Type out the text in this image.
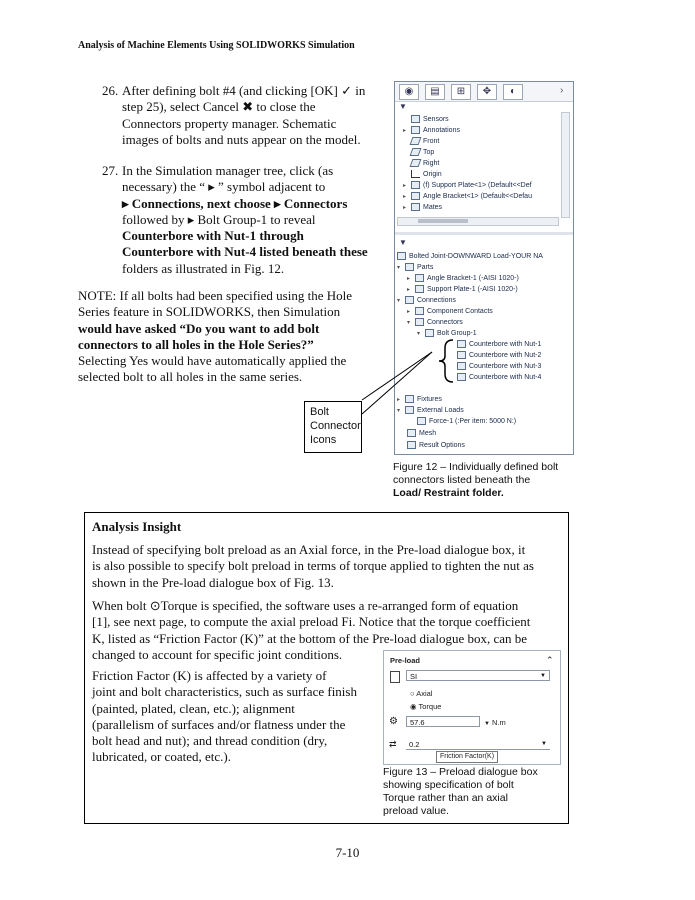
Analysis of Machine Elements Using SOLIDWORKS Simulation
26. After defining bolt #4 (and clicking [OK] ✓ in
step 25), select Cancel ✖ to close the
Connectors property manager. Schematic
images of bolts and nuts appear on the model.
27. In the Simulation manager tree, click (as
necessary) the “ ▸ ” symbol adjacent to
▸ Connections, next choose ▸ Connectors
followed by ▸ Bolt Group-1 to reveal
Counterbore with Nut-1 through
Counterbore with Nut-4 listed beneath these
folders as illustrated in Fig. 12.
NOTE: If all bolts had been specified using the Hole
Series feature in SOLIDWORKS, then Simulation
would have asked “Do you want to add bolt
connectors to all holes in the Hole Series?”
Selecting Yes would have automatically applied the
selected bolt to all holes in the same series.
◉	▤	⊞	✥	◐	›
▼
Sensors
▸ Annotations
Front
Top
Right
Origin
▸ (f) Support Plate<1> (Default<<Def
▸ Angle Bracket<1> (Default<<Defau
▸ Mates
▼
Bolted Joint-DOWNWARD Load-YOUR NA
▾ Parts
▸ Angle Bracket-1 (-AISI 1020-)
▸ Support Plate-1 (-AISI 1020-)
▾ Connections
▸ Component Contacts
▾ Connectors
▾ Bolt Group-1
Counterbore with Nut-1
Counterbore with Nut-2
Counterbore with Nut-3
Counterbore with Nut-4
▸ Fixtures
▾ External Loads
Force-1 (:Per item: 5000 N:)
Mesh
Result Options
Bolt
Connector
Icons
Figure 12 – Individually defined bolt
connectors listed beneath the
Load/ Restraint folder.
Analysis Insight
Instead of specifying bolt preload as an Axial force, in the Pre-load dialogue box, it
is also possible to specify bolt preload in terms of torque applied to tighten the nut as
shown in the Pre-load dialogue box of Fig. 13.
When bolt ⊙Torque is specified, the software uses a re-arranged form of equation
[1], see next page, to compute the axial preload Fi. Notice that the torque coefficient
K, listed as “Friction Factor (K)” at the bottom of the Pre-load dialogue box, can be
changed to account for specific joint conditions.
Friction Factor (K) is affected by a variety of
joint and bolt characteristics, such as surface finish
(painted, plated, clean, etc.); alignment
(parallelism of surfaces and/or flatness under the
bolt head and nut); and thread condition (dry,
lubricated, or coated, etc.).
Pre-load	⌃
SI	▼
○ Axial
◉ Torque
⚙	57.6	▼ N.m
⇄	0.2	▼
Friction Factor(K)
Figure 13 – Preload dialogue box
showing specification of bolt
Torque rather than an axial
preload value.
7-10
